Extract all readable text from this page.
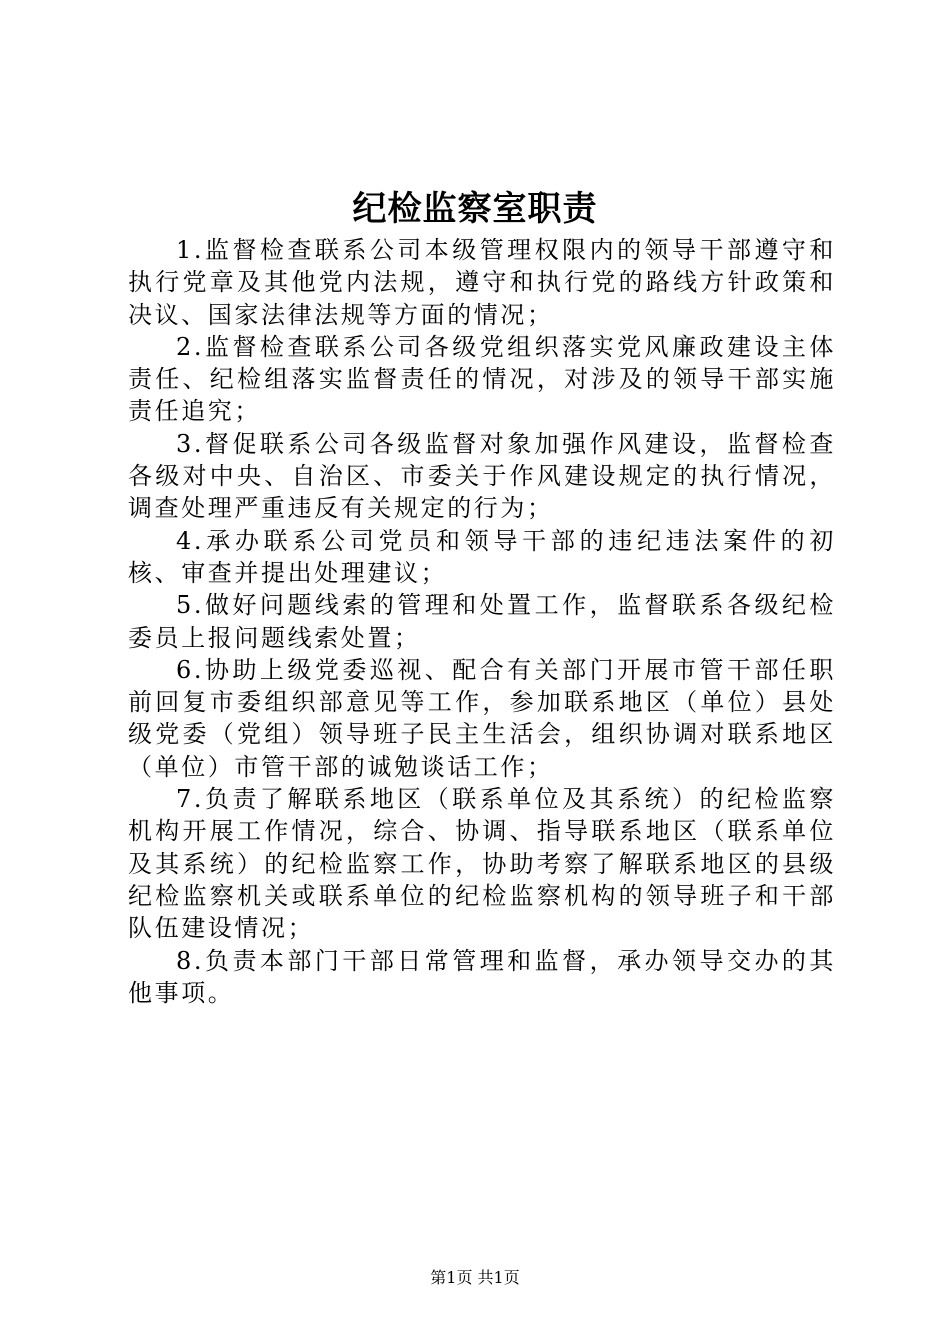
纪检监察室职责

1.监督检查联系公司本级管理权限内的领导干部遵守和执行党章及其他党内法规，遵守和执行党的路线方针政策和决议、国家法律法规等方面的情况；

2.监督检查联系公司各级党组织落实党风廉政建设主体责任、纪检组落实监督责任的情况，对涉及的领导干部实施责任追究；

3.督促联系公司各级监督对象加强作风建设，监督检查各级对中央、自治区、市委关于作风建设规定的执行情况，调查处理严重违反有关规定的行为；

4.承办联系公司党员和领导干部的违纪违法案件的初核、审查并提出处理建议；

5.做好问题线索的管理和处置工作，监督联系各级纪检委员上报问题线索处置；

6.协助上级党委巡视、配合有关部门开展市管干部任职前回复市委组织部意见等工作，参加联系地区（单位）县处级党委（党组）领导班子民主生活会，组织协调对联系地区（单位）市管干部的诚勉谈话工作；

7.负责了解联系地区（联系单位及其系统）的纪检监察机构开展工作情况，综合、协调、指导联系地区（联系单位及其系统）的纪检监察工作，协助考察了解联系地区的县级纪检监察机关或联系单位的纪检监察机构的领导班子和干部队伍建设情况；

8.负责本部门干部日常管理和监督，承办领导交办的其他事项。

第1页 共1页
